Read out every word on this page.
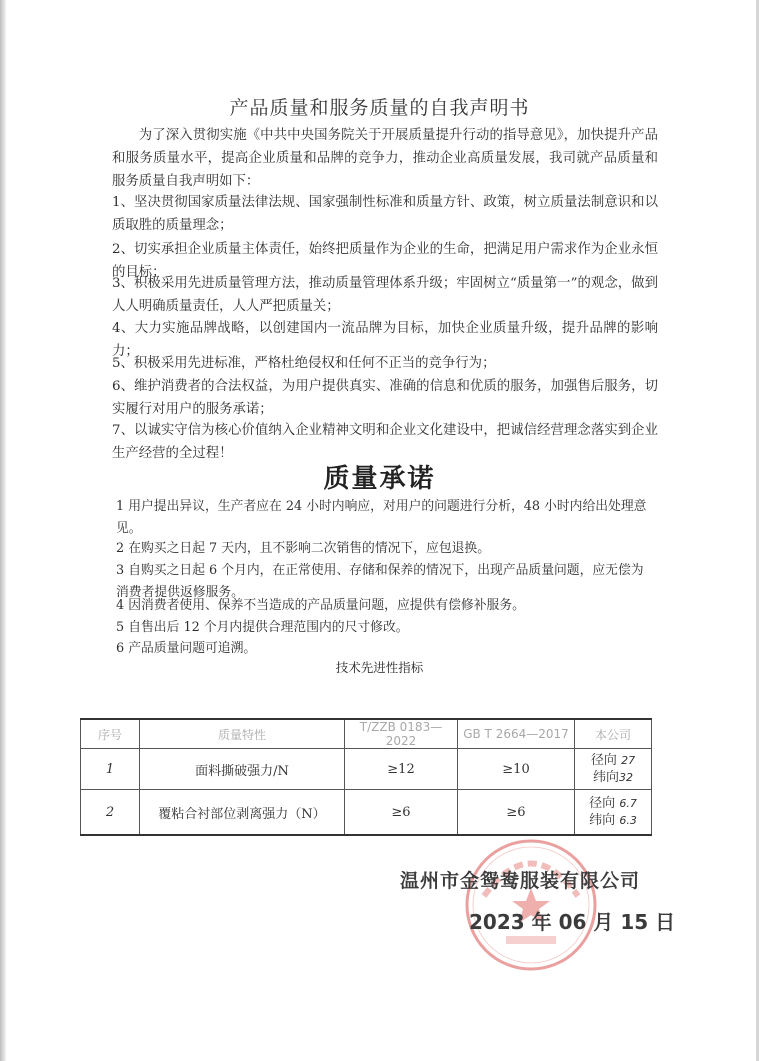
产品质量和服务质量的自我声明书
为了深入贯彻实施《中共中央国务院关于开展质量提升行动的指导意见》，加快提升产品和服务质量水平，提高企业质量和品牌的竞争力，推动企业高质量发展，我司就产品质量和服务质量自我声明如下：
1、坚决贯彻国家质量法律法规、国家强制性标准和质量方针、政策，树立质量法制意识和以质取胜的质量理念；
2、切实承担企业质量主体责任，始终把质量作为企业的生命，把满足用户需求作为企业永恒的目标；
3、积极采用先进质量管理方法，推动质量管理体系升级；牢固树立“质量第一”的观念，做到人人明确质量责任，人人严把质量关；
4、大力实施品牌战略，以创建国内一流品牌为目标，加快企业质量升级，提升品牌的影响力；
5、积极采用先进标准，严格杜绝侵权和任何不正当的竞争行为；
6、维护消费者的合法权益，为用户提供真实、准确的信息和优质的服务，加强售后服务，切实履行对用户的服务承诺；
7、以诚实守信为核心价值纳入企业精神文明和企业文化建设中，把诚信经营理念落实到企业生产经营的全过程！
质量承诺
1 用户提出异议，生产者应在 24 小时内响应，对用户的问题进行分析，48 小时内给出处理意见。
2 在购买之日起 7 天内，且不影响二次销售的情况下，应包退换。
3 自购买之日起 6 个月内，在正常使用、存储和保养的情况下，出现产品质量问题，应无偿为消费者提供返修服务。
4 因消费者使用、保养不当造成的产品质量问题，应提供有偿修补服务。
5 自售出后 12 个月内提供合理范围内的尺寸修改。
6 产品质量问题可追溯。
技术先进性指标
序号	质量特性	T/ZZB 0183—2022	GB T 2664—2017	本公司
1	面料撕破强力/N	≥12	≥10	径向 27
纬向32
2	覆粘合衬部位剥离强力（N）	≥6	≥6	径向 6.7
纬向 6.3
温州市金鸳鸯服装有限公司
2023 年 06 月 15 日
